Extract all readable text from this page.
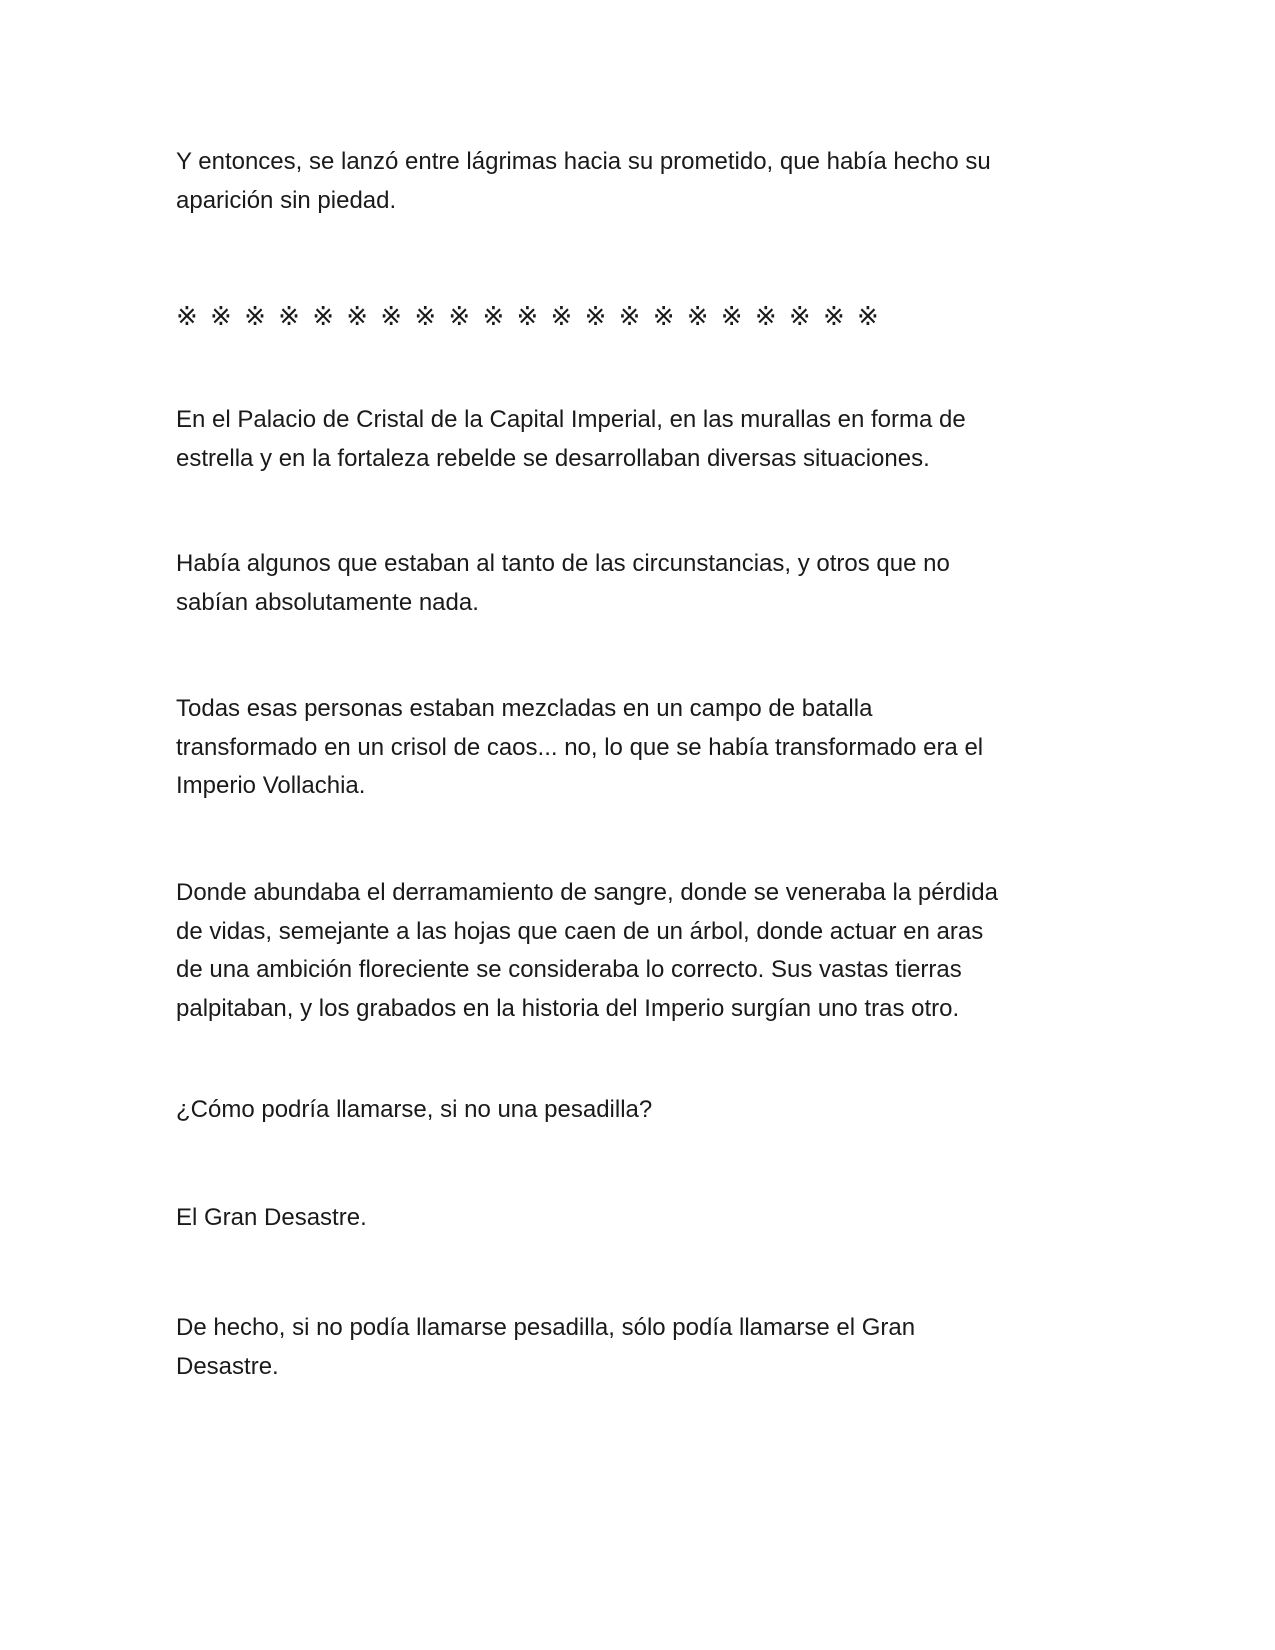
Y entonces, se lanzó entre lágrimas hacia su prometido, que había hecho su
aparición sin piedad.

※ ※ ※ ※ ※ ※ ※ ※ ※ ※ ※ ※ ※ ※ ※ ※ ※ ※ ※ ※ ※

En el Palacio de Cristal de la Capital Imperial, en las murallas en forma de
estrella y en la fortaleza rebelde se desarrollaban diversas situaciones.

Había algunos que estaban al tanto de las circunstancias, y otros que no
sabían absolutamente nada.

Todas esas personas estaban mezcladas en un campo de batalla
transformado en un crisol de caos... no, lo que se había transformado era el
Imperio Vollachia.

Donde abundaba el derramamiento de sangre, donde se veneraba la pérdida
de vidas, semejante a las hojas que caen de un árbol, donde actuar en aras
de una ambición floreciente se consideraba lo correcto. Sus vastas tierras
palpitaban, y los grabados en la historia del Imperio surgían uno tras otro.

¿Cómo podría llamarse, si no una pesadilla?

El Gran Desastre.

De hecho, si no podía llamarse pesadilla, sólo podía llamarse el Gran
Desastre.
